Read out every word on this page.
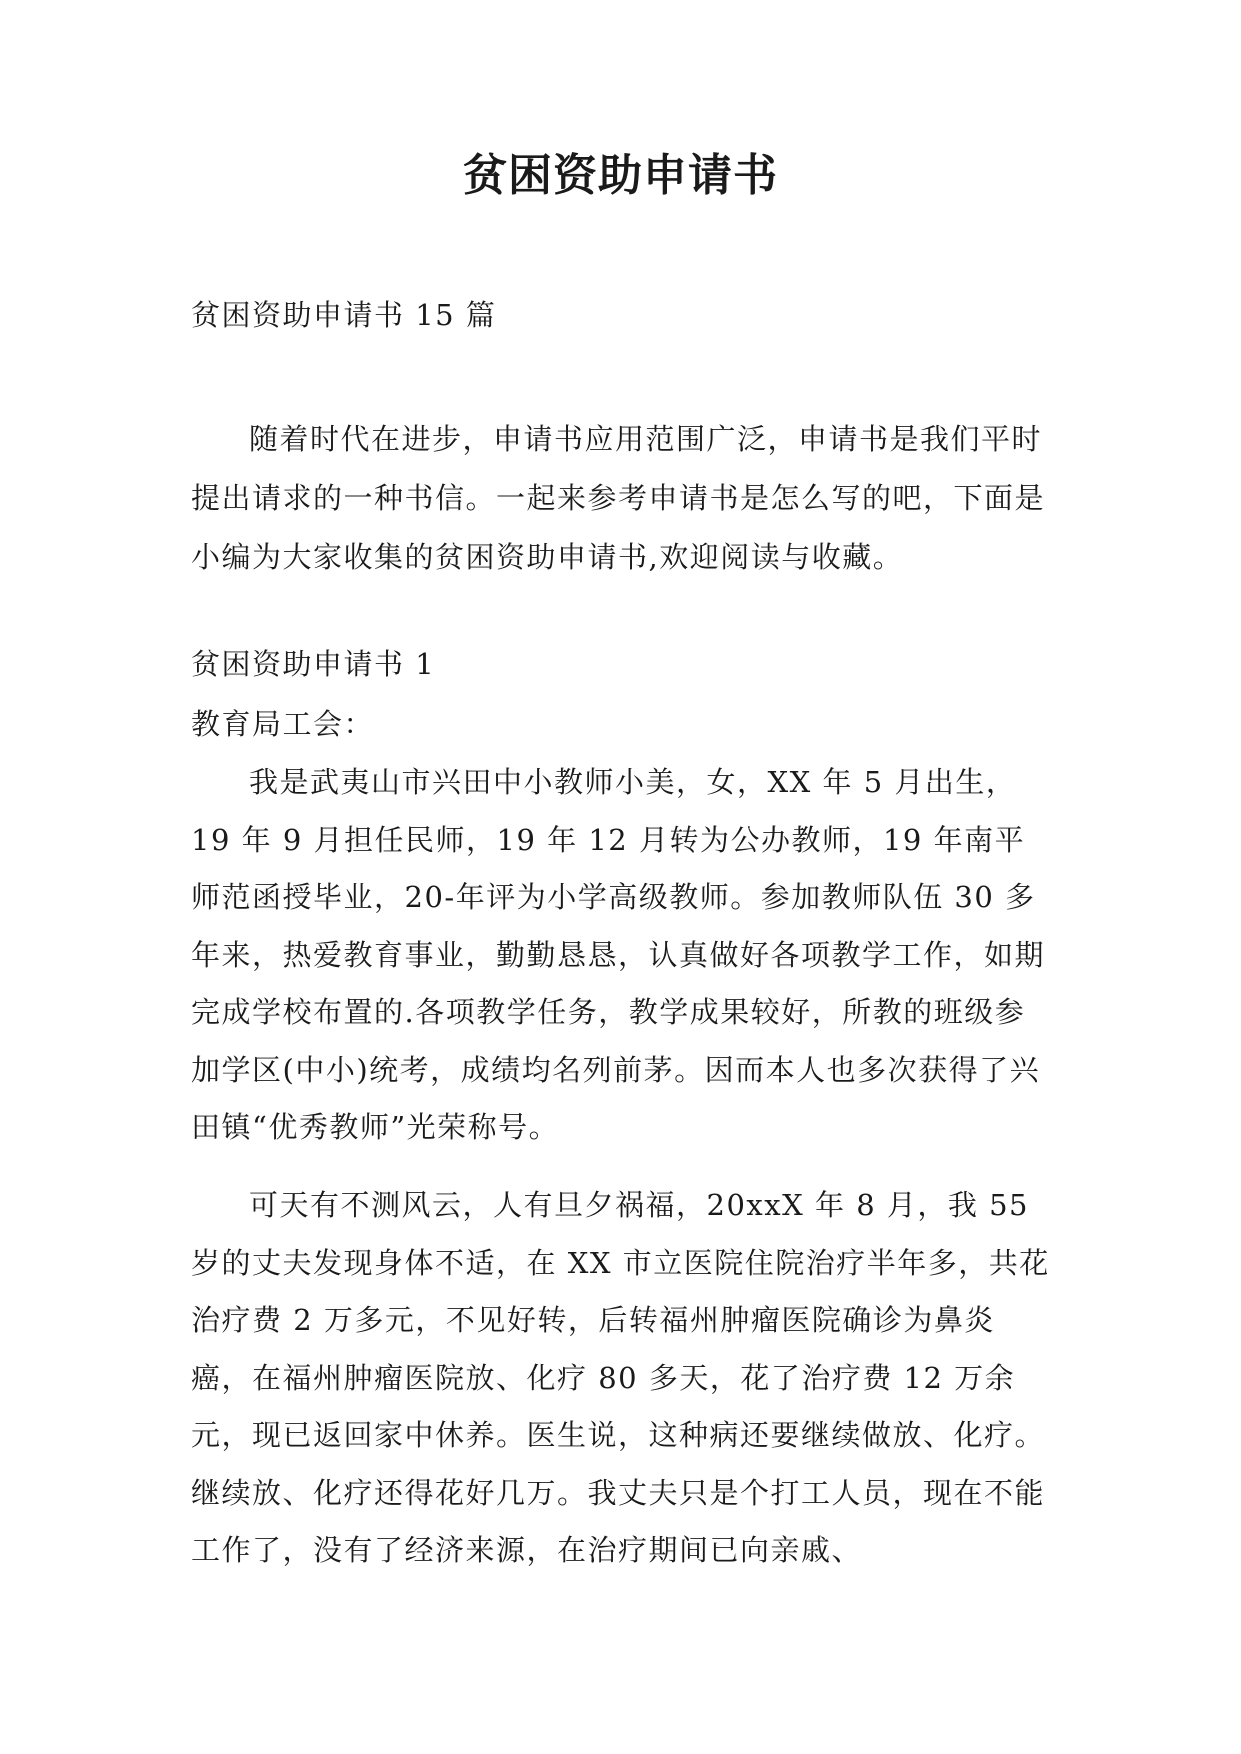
贫困资助申请书
贫困资助申请书 15 篇

随着时代在进步，申请书应用范围广泛，申请书是我们平时提出请求的一种书信。一起来参考申请书是怎么写的吧，下面是小编为大家收集的贫困资助申请书,欢迎阅读与收藏。

贫困资助申请书 1
教育局工会：

我是武夷山市兴田中小教师小美，女，XX 年 5 月出生，19 年 9 月担任民师，19 年 12 月转为公办教师，19 年南平师范函授毕业，20-年评为小学高级教师。参加教师队伍 30 多年来，热爱教育事业，勤勤恳恳，认真做好各项教学工作，如期完成学校布置的.各项教学任务，教学成果较好，所教的班级参加学区(中小)统考，成绩均名列前茅。因而本人也多次获得了兴田镇“优秀教师”光荣称号。

可天有不测风云，人有旦夕祸福，20xxX 年 8 月，我 55 岁的丈夫发现身体不适，在 XX 市立医院住院治疗半年多，共花治疗费 2 万多元，不见好转，后转福州肿瘤医院确诊为鼻炎癌，在福州肿瘤医院放、化疗 80 多天，花了治疗费 12 万余元，现已返回家中休养。医生说，这种病还要继续做放、化疗。继续放、化疗还得花好几万。我丈夫只是个打工人员，现在不能工作了，没有了经济来源，在治疗期间已向亲戚、
